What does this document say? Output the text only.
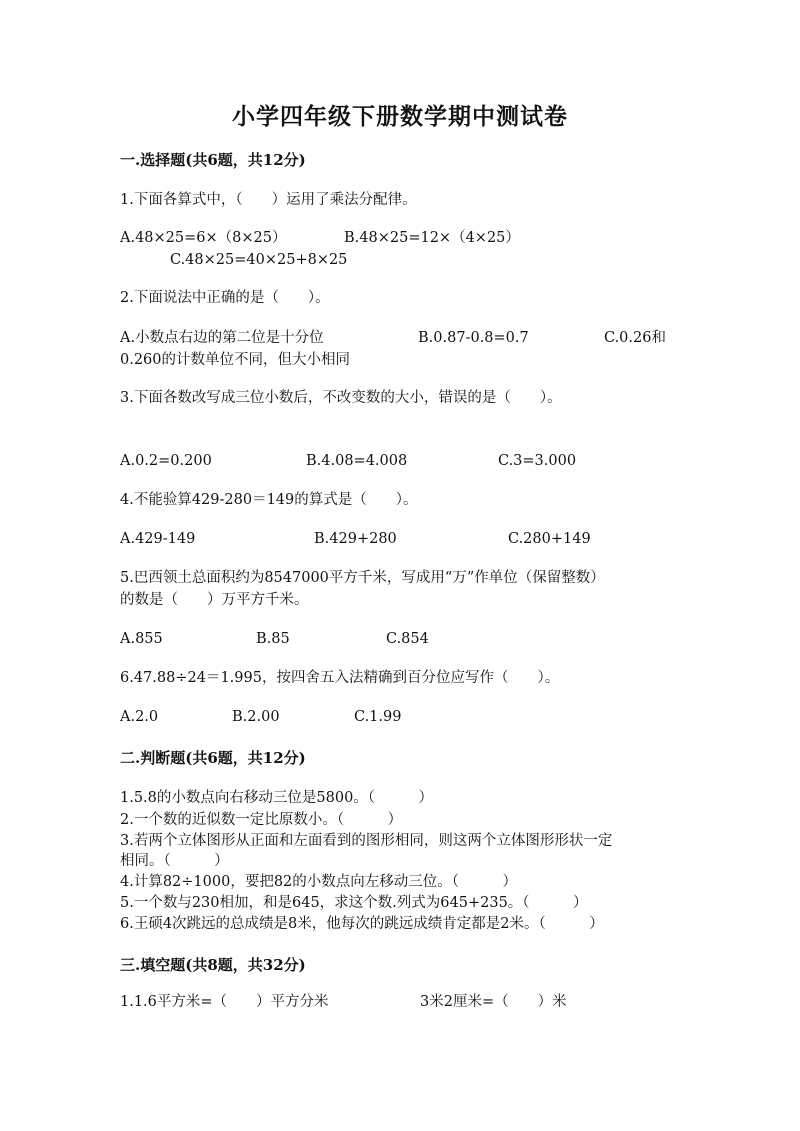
小学四年级下册数学期中测试卷
一.选择题(共6题，共12分)
1.下面各算式中，（　　）运用了乘法分配律。
A.48×25=6×（8×25）	B.48×25=12×（4×25）
C.48×25=40×25+8×25
2.下面说法中正确的是（　　）。
A.小数点右边的第二位是十分位	B.0.87-0.8=0.7	C.0.26和
0.260的计数单位不同，但大小相同
3.下面各数改写成三位小数后，不改变数的大小，错误的是（　　）。
A.0.2=0.200	B.4.08=4.008	C.3=3.000
4.不能验算429-280＝149的算式是（　　）。
A.429-149	B.429+280	C.280+149
5.巴西领土总面积约为8547000平方千米，写成用“万”作单位（保留整数）
的数是（　　）万平方千米。
A.855	B.85	C.854
6.47.88÷24＝1.995，按四舍五入法精确到百分位应写作（　　）。
A.2.0	B.2.00	C.1.99
二.判断题(共6题，共12分)
1.5.8的小数点向右移动三位是5800。（　　　）
2.一个数的近似数一定比原数小。（　　　）
3.若两个立体图形从正面和左面看到的图形相同，则这两个立体图形形状一定
相同。（　　　）
4.计算82÷1000，要把82的小数点向左移动三位。（　　　）
5.一个数与230相加，和是645，求这个数.列式为645+235。（　　　）
6.王硕4次跳远的总成绩是8米，他每次的跳远成绩肯定都是2米。（　　　）
三.填空题(共8题，共32分)
1.1.6平方米=（　　）平方分米	3米2厘米=（　　）米
